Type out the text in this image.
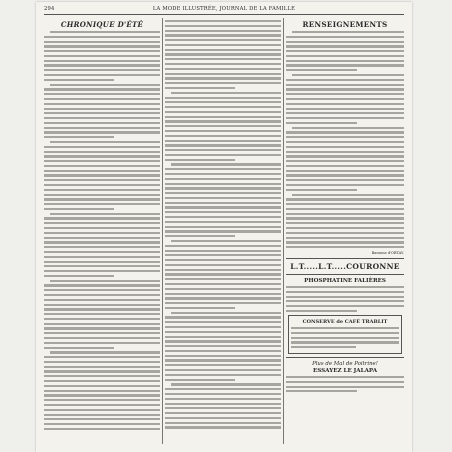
294	LA MODE ILLUSTRÉE, JOURNAL DE LA FAMILLE
CHRONIQUE D'ÉTÉ	RENSEIGNEMENTS
Baronne d'ORTAY.
L.T.....L.T.....COURONNE
PHOSPHATINE FALIÈRES
CONSERVE de CAFÉ TRABLIT
Plus de Mal de Poitrine!
ESSAYEZ LE JALAPA
